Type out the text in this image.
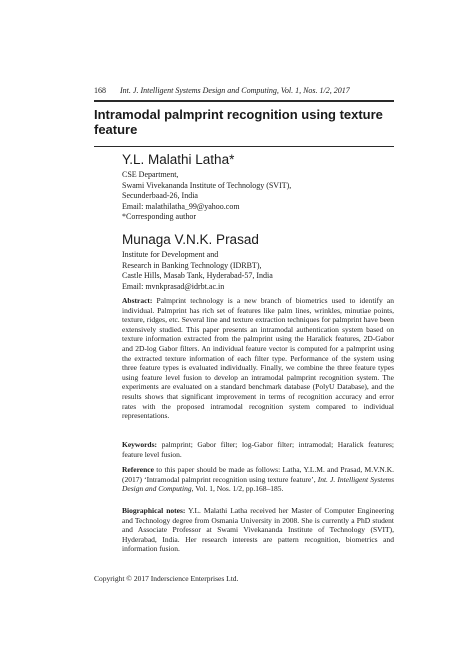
168 Int. J. Intelligent Systems Design and Computing, Vol. 1, Nos. 1/2, 2017
Intramodal palmprint recognition using texture feature
Y.L. Malathi Latha*
CSE Department,
Swami Vivekananda Institute of Technology (SVIT),
Secunderbaad-26, India
Email: malathilatha_99@yahoo.com
*Corresponding author
Munaga V.N.K. Prasad
Institute for Development and
Research in Banking Technology (IDRBT),
Castle Hills, Masab Tank, Hyderabad-57, India
Email: mvnkprasad@idrbt.ac.in
Abstract: Palmprint technology is a new branch of biometrics used to identify an individual. Palmprint has rich set of features like palm lines, wrinkles, minutiae points, texture, ridges, etc. Several line and texture extraction techniques for palmprint have been extensively studied. This paper presents an intramodal authentication system based on texture information extracted from the palmprint using the Haralick features, 2D-Gabor and 2D-log Gabor filters. An individual feature vector is computed for a palmprint using the extracted texture information of each filter type. Performance of the system using three feature types is evaluated individually. Finally, we combine the three feature types using feature level fusion to develop an intramodal palmprint recognition system. The experiments are evaluated on a standard benchmark database (PolyU Database), and the results shows that significant improvement in terms of recognition accuracy and error rates with the proposed intramodal recognition system compared to individual representations.
Keywords: palmprint; Gabor filter; log-Gabor filter; intramodal; Haralick features; feature level fusion.
Reference to this paper should be made as follows: Latha, Y.L.M. and Prasad, M.V.N.K. (2017) ‘Intramodal palmprint recognition using texture feature’, Int. J. Intelligent Systems Design and Computing, Vol. 1, Nos. 1/2, pp.168–185.
Biographical notes: Y.L. Malathi Latha received her Master of Computer Engineering and Technology degree from Osmania University in 2008. She is currently a PhD student and Associate Professor at Swami Vivekananda Institute of Technology (SVIT), Hyderabad, India. Her research interests are pattern recognition, biometrics and information fusion.
Copyright © 2017 Inderscience Enterprises Ltd.
